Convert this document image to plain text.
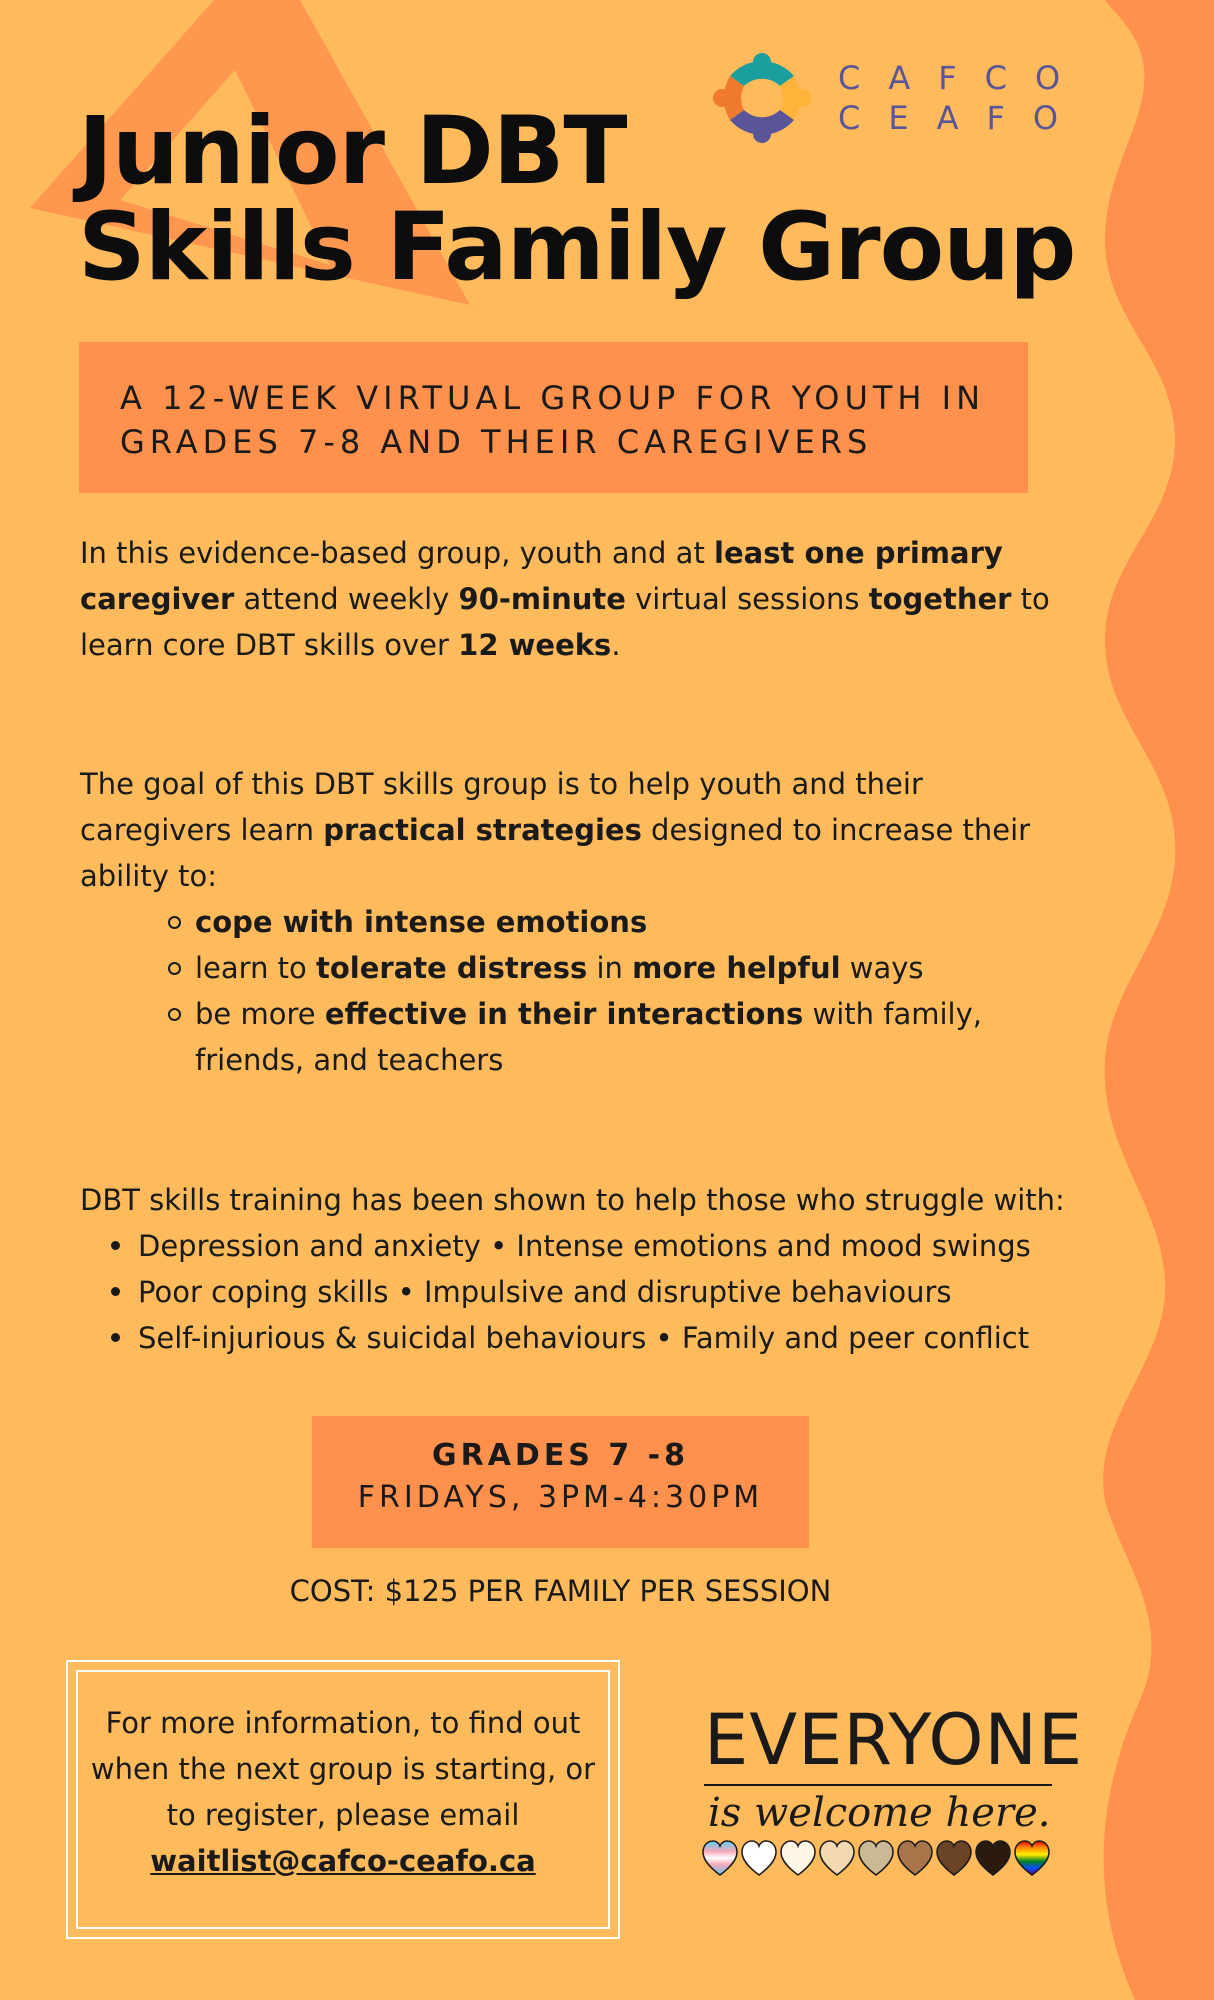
Junior DBT
Skills Family Group
CAFCO
CEAFO
A 12-WEEK VIRTUAL GROUP FOR YOUTH IN GRADES 7-8 AND THEIR CAREGIVERS
In this evidence-based group, youth and at least one primary caregiver attend weekly 90-minute virtual sessions together to learn core DBT skills over 12 weeks.
The goal of this DBT skills group is to help youth and their caregivers learn practical strategies designed to increase their ability to:
cope with intense emotions
learn to tolerate distress in more helpful ways
be more effective in their interactions with family, friends, and teachers
DBT skills training has been shown to help those who struggle with:
Depression and anxiety • Intense emotions and mood swings
Poor coping skills • Impulsive and disruptive behaviours
Self-injurious & suicidal behaviours • Family and peer conflict
GRADES 7 -8
FRIDAYS, 3PM-4:30PM
COST: $125 PER FAMILY PER SESSION
For more information, to find out
when the next group is starting, or
to register, please email
waitlist@cafco-ceafo.ca
EVERYONE
is welcome here.
